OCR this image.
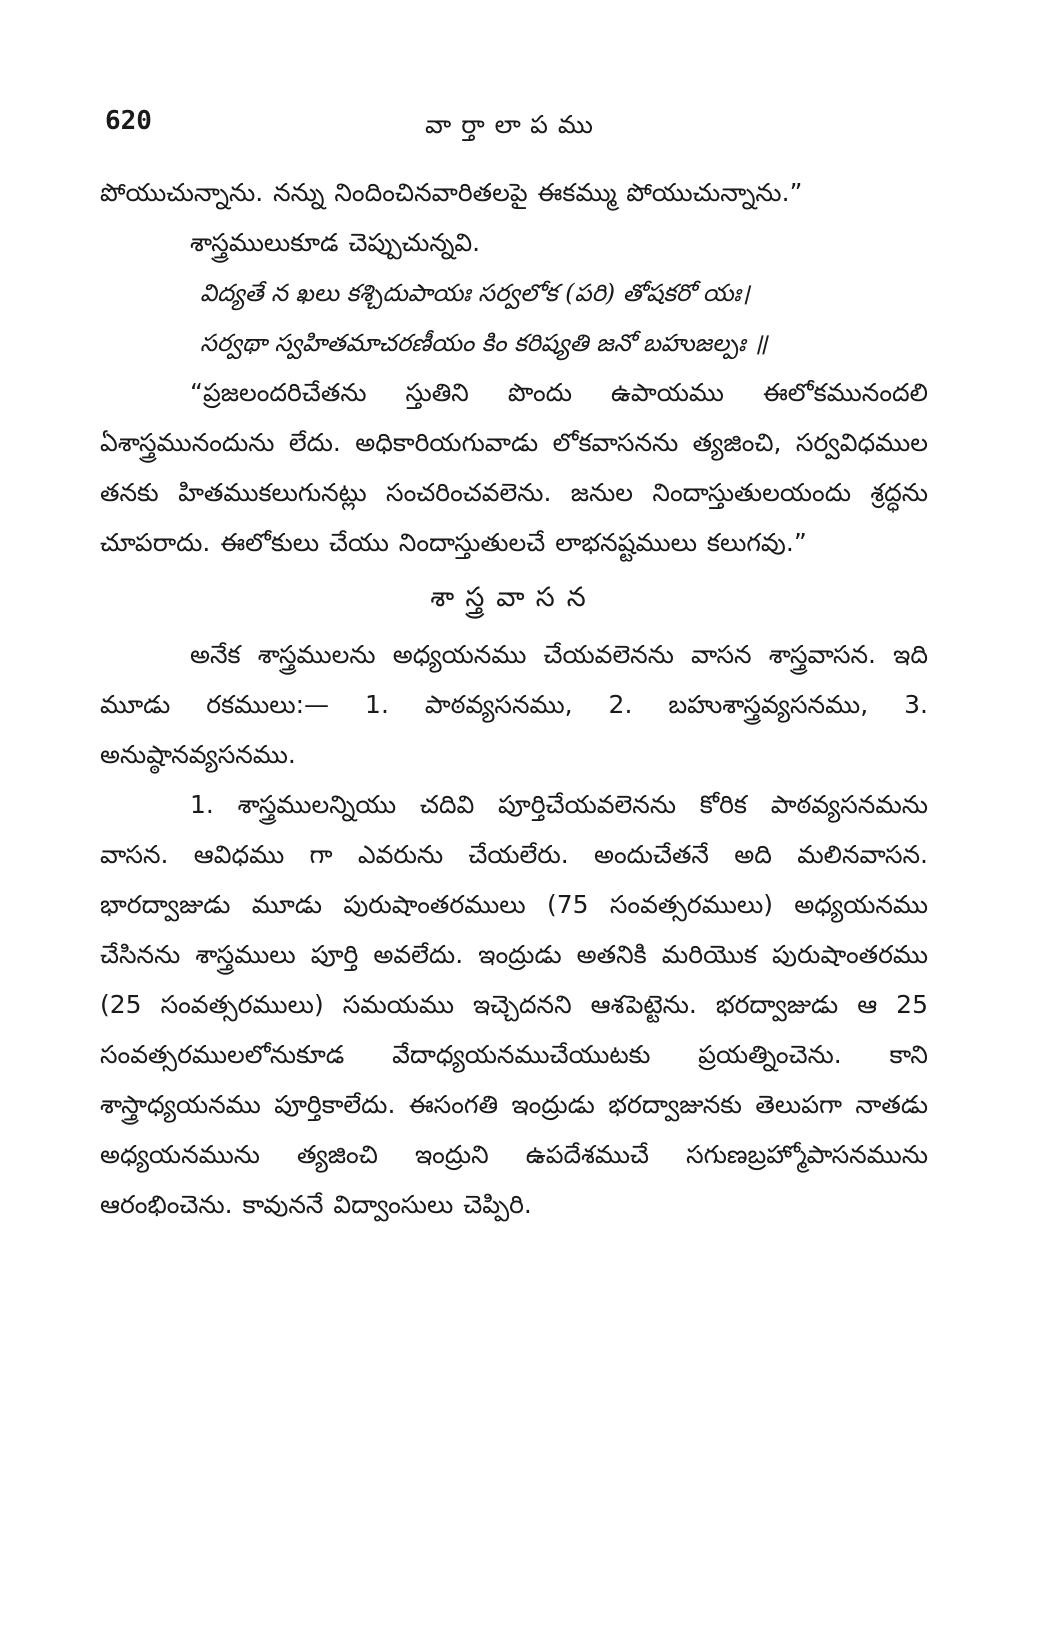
620	వార్తాలాపము

పోయుచున్నాను. నన్ను నిందించినవారితలపై ఈకమ్ము పోయుచున్నాను.”

శాస్త్రములుకూడ చెప్పుచున్నవి.

విద్యతే న ఖలు కశ్చిదుపాయః సర్వలోక (పరి) తోషకరో యః।

సర్వథా స్వహితమాచరణీయం కిం కరిష్యతి జనో బహుజల్పః ॥

“ప్రజలందరిచేతను స్తుతిని పొందు ఉపాయము ఈలోకమునందలి ఏశాస్త్రమునందును లేదు. అధికారియగువాడు లోకవాసనను త్యజించి, సర్వవిధముల తనకు హితముకలుగునట్లు సంచరించవలెను. జనుల నిందాస్తుతులయందు శ్రద్ధను చూపరాదు. ఈలోకులు చేయు నిందాస్తుతులచే లాభనష్టములు కలుగవు.”

శాస్త్రవాసన

అనేక శాస్త్రములను అధ్యయనము చేయవలెనను వాసన శాస్త్రవాసన. ఇది మూడు రకములు:— 1. పాఠవ్యసనము, 2. బహుశాస్త్రవ్యసనము, 3. అనుష్ఠానవ్యసనము.

1. శాస్త్రములన్నియు చదివి పూర్తిచేయవలెనను కోరిక పాఠవ్యసనమను వాసన. ఆవిధము గా ఎవరును చేయలేరు. అందుచేతనే అది మలినవాసన. భారద్వాజుడు మూడు పురుషాంతరములు (75 సంవత్సరములు) అధ్యయనము చేసినను శాస్త్రములు పూర్తి అవలేదు. ఇంద్రుడు అతనికి మరియొక పురుషాంతరము (25 సంవత్సరములు) సమయము ఇచ్చెదనని ఆశపెట్టెను. భరద్వాజుడు ఆ 25 సంవత్సరములలోనుకూడ వేదాధ్యయనముచేయుటకు ప్రయత్నించెను. కాని శాస్త్రాధ్యయనము పూర్తికాలేదు. ఈసంగతి ఇంద్రుడు భరద్వాజునకు తెలుపగా నాతడు అధ్యయనమును త్యజించి ఇంద్రుని ఉపదేశముచే సగుణబ్రహ్మోపాసనమును ఆరంభించెను. కావుననే విద్వాంసులు చెప్పిరి.
